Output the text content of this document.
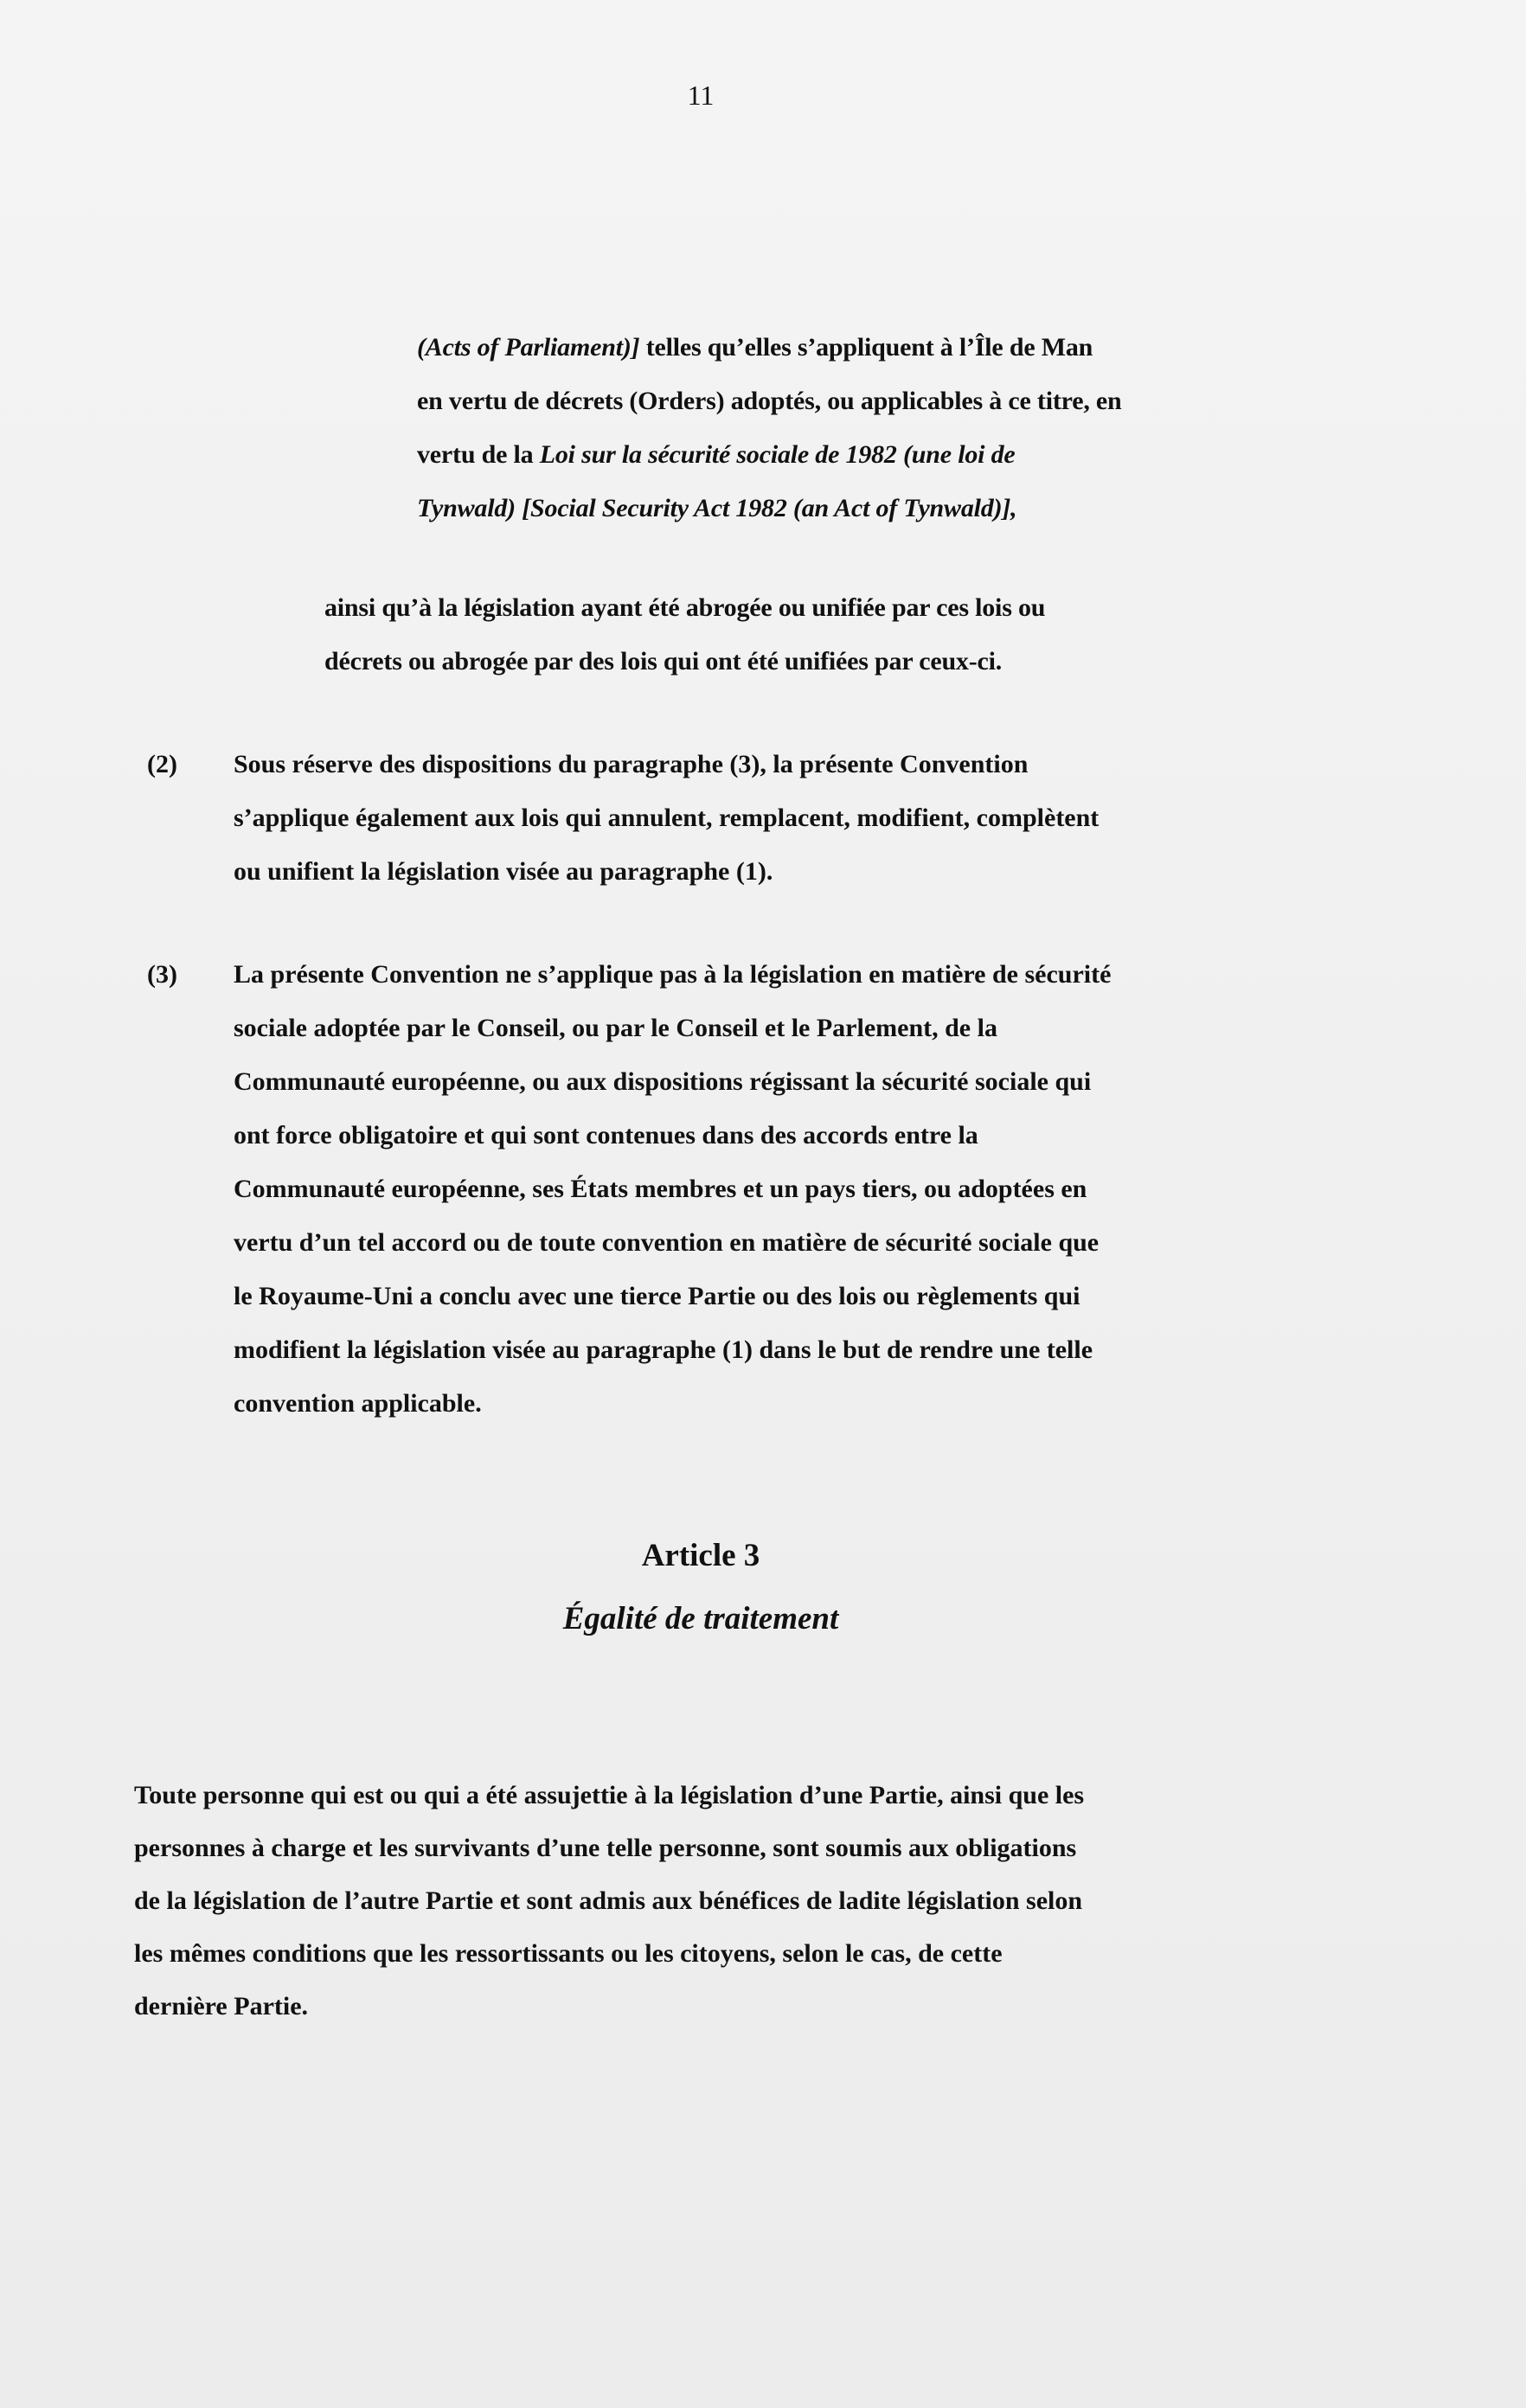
11
(Acts of Parliament)] telles qu’elles s’appliquent à l’Île de Man
en vertu de décrets (Orders) adoptés, ou applicables à ce titre, en
vertu de la Loi sur la sécurité sociale de 1982 (une loi de
Tynwald) [Social Security Act 1982 (an Act of Tynwald)],
ainsi qu’à la législation ayant été abrogée ou unifiée par ces lois ou
décrets ou abrogée par des lois qui ont été unifiées par ceux-ci.
(2)	Sous réserve des dispositions du paragraphe (3), la présente Convention
s’applique également aux lois qui annulent, remplacent, modifient, complètent
ou unifient la législation visée au paragraphe (1).
(3)	La présente Convention ne s’applique pas à la législation en matière de sécurité
sociale adoptée par le Conseil, ou par le Conseil et le Parlement, de la
Communauté européenne, ou aux dispositions régissant la sécurité sociale qui
ont force obligatoire et qui sont contenues dans des accords entre la
Communauté européenne, ses États membres et un pays tiers, ou adoptées en
vertu d’un tel accord ou de toute convention en matière de sécurité sociale que
le Royaume-Uni a conclu avec une tierce Partie ou des lois ou règlements qui
modifient la législation visée au paragraphe (1) dans le but de rendre une telle
convention applicable.
Article 3
Égalité de traitement
Toute personne qui est ou qui a été assujettie à la législation d’une Partie, ainsi que les
personnes à charge et les survivants d’une telle personne, sont soumis aux obligations
de la législation de l’autre Partie et sont admis aux bénéfices de ladite législation selon
les mêmes conditions que les ressortissants ou les citoyens, selon le cas, de cette
dernière Partie.
